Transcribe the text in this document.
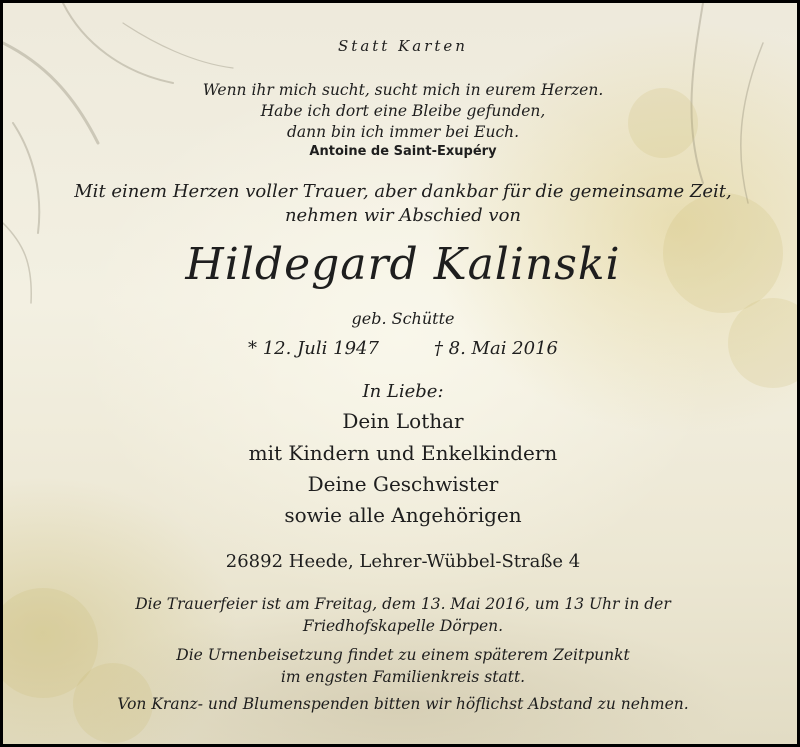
Statt Karten
Wenn ihr mich sucht, sucht mich in eurem Herzen.
Habe ich dort eine Bleibe gefunden,
dann bin ich immer bei Euch.
Antoine de Saint-Exupéry
Mit einem Herzen voller Trauer, aber dankbar für die gemeinsame Zeit,
nehmen wir Abschied von
Hildegard Kalinski
geb. Schütte
* 12. Juli 1947	† 8. Mai 2016
In Liebe:
Dein Lothar
mit Kindern und Enkelkindern
Deine Geschwister
sowie alle Angehörigen
26892 Heede, Lehrer-Wübbel-Straße 4
Die Trauerfeier ist am Freitag, dem 13. Mai 2016, um 13 Uhr in der
Friedhofskapelle Dörpen.
Die Urnenbeisetzung findet zu einem späterem Zeitpunkt
im engsten Familienkreis statt.
Von Kranz- und Blumenspenden bitten wir höflichst Abstand zu nehmen.
